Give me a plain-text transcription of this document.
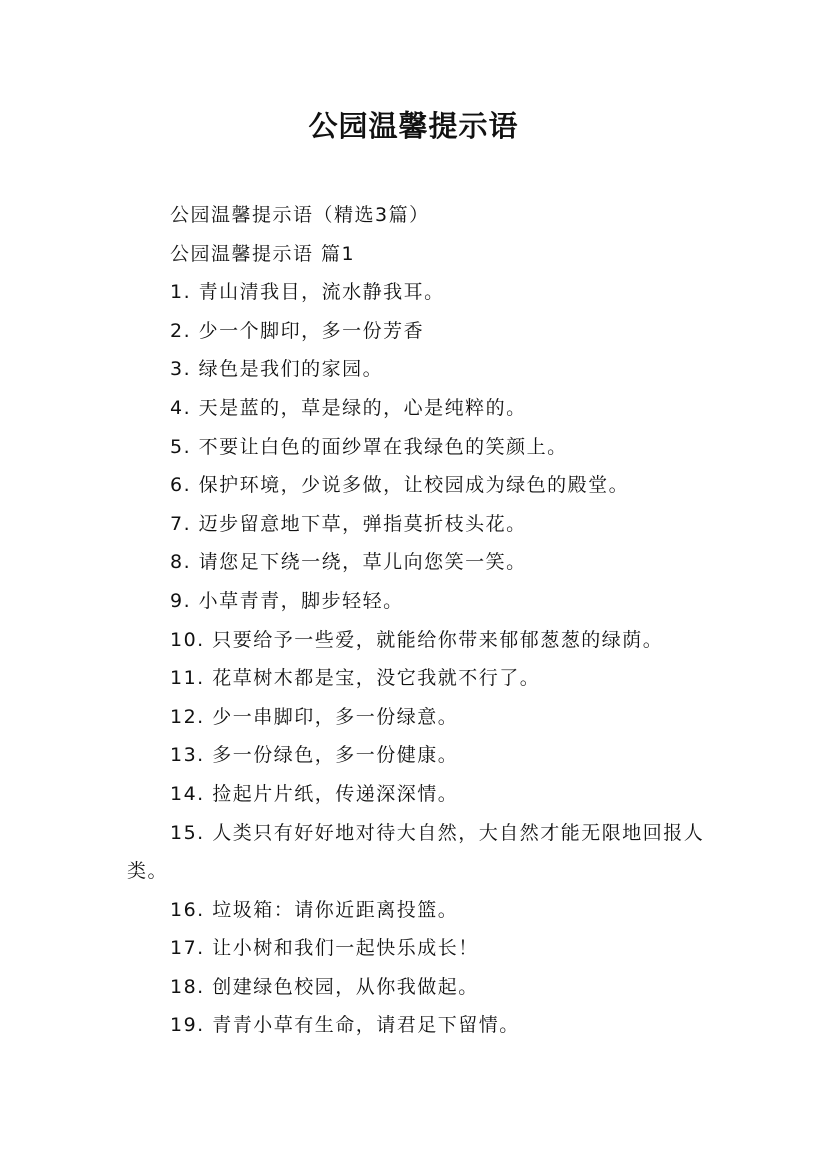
公园温馨提示语

公园温馨提示语（精选3篇）

公园温馨提示语 篇1

1. 青山清我目，流水静我耳。

2. 少一个脚印，多一份芳香

3. 绿色是我们的家园。

4. 天是蓝的，草是绿的，心是纯粹的。

5. 不要让白色的面纱罩在我绿色的笑颜上。

6. 保护环境，少说多做，让校园成为绿色的殿堂。

7. 迈步留意地下草，弹指莫折枝头花。

8. 请您足下绕一绕，草儿向您笑一笑。

9. 小草青青，脚步轻轻。

10. 只要给予一些爱，就能给你带来郁郁葱葱的绿荫。

11. 花草树木都是宝，没它我就不行了。

12. 少一串脚印，多一份绿意。

13. 多一份绿色，多一份健康。

14. 捡起片片纸，传递深深情。

15. 人类只有好好地对待大自然，大自然才能无限地回报人类。

16. 垃圾箱：请你近距离投篮。

17. 让小树和我们一起快乐成长！

18. 创建绿色校园，从你我做起。

19. 青青小草有生命，请君足下留情。
